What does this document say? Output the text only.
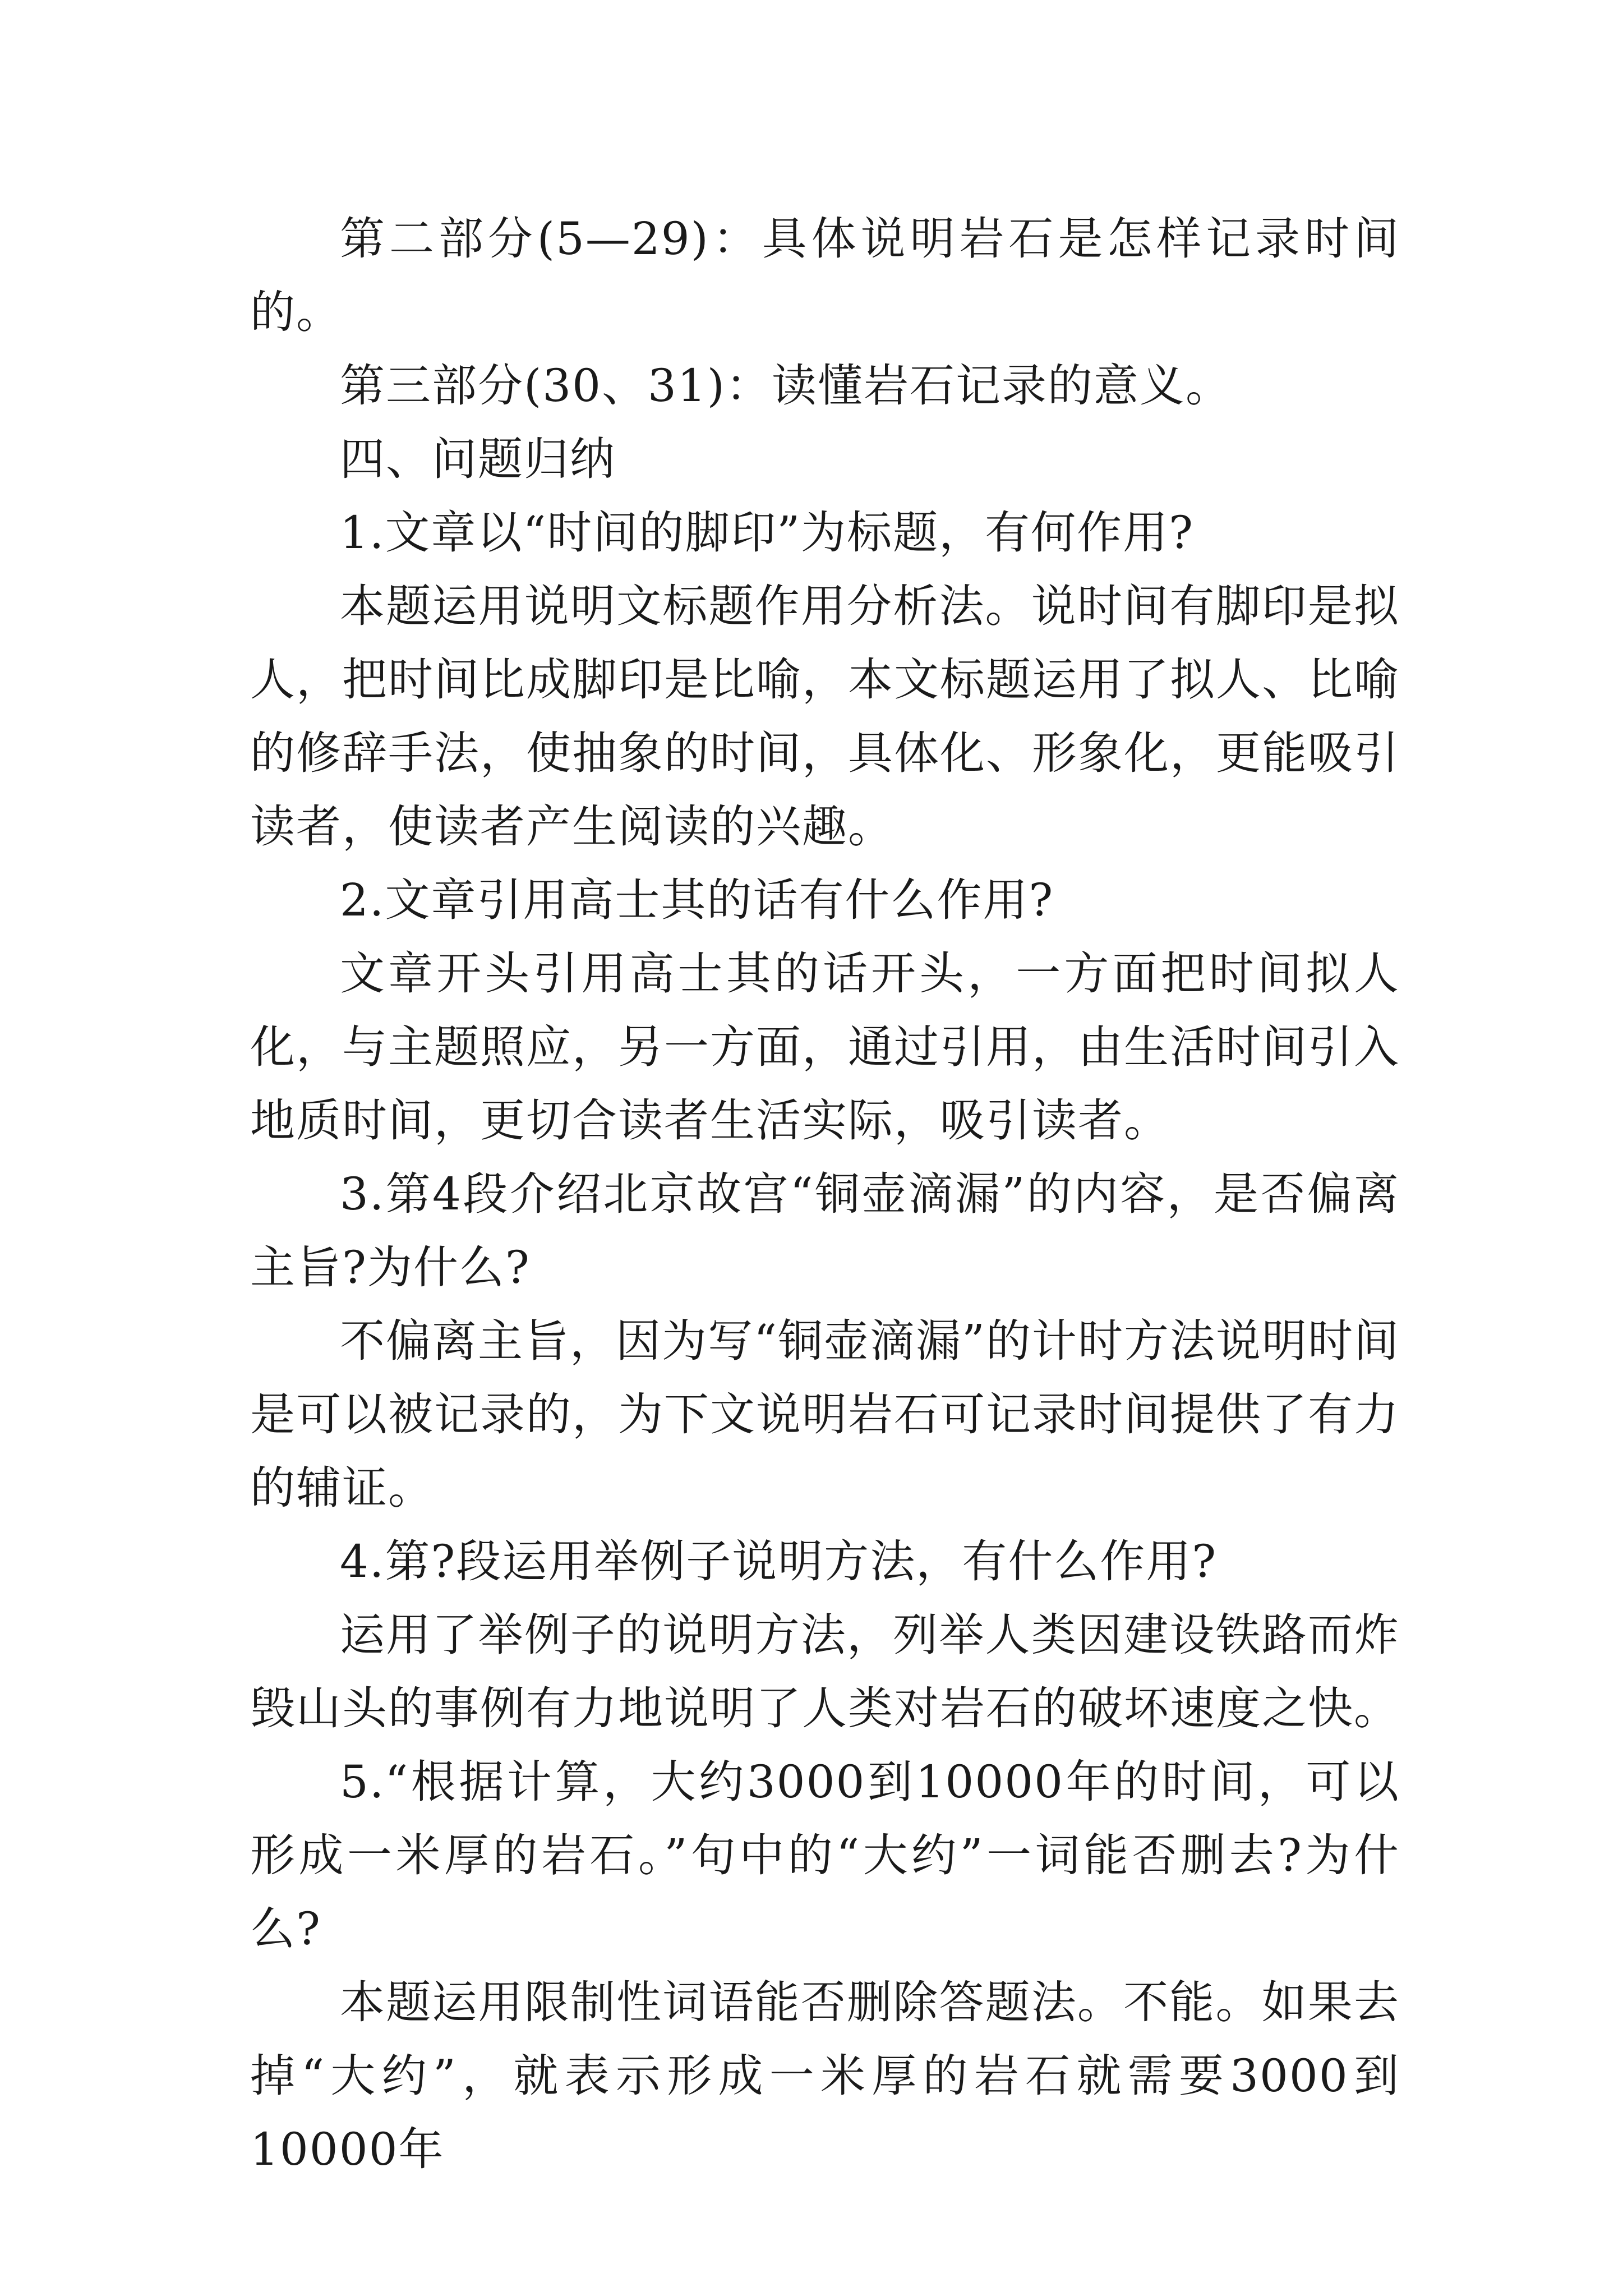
第二部分(5—29)：具体说明岩石是怎样记录时间的。

第三部分(30、31)：读懂岩石记录的意义。

四、问题归纳

1.文章以“时间的脚印”为标题，有何作用?

本题运用说明文标题作用分析法。说时间有脚印是拟人，把时间比成脚印是比喻，本文标题运用了拟人、比喻的修辞手法，使抽象的时间，具体化、形象化，更能吸引读者，使读者产生阅读的兴趣。

2.文章引用高士其的话有什么作用?

文章开头引用高士其的话开头，一方面把时间拟人化，与主题照应，另一方面，通过引用，由生活时间引入地质时间，更切合读者生活实际，吸引读者。

3.第4段介绍北京故宫“铜壶滴漏”的内容，是否偏离主旨?为什么?

不偏离主旨，因为写“铜壶滴漏”的计时方法说明时间是可以被记录的，为下文说明岩石可记录时间提供了有力的辅证。

4.第?段运用举例子说明方法，有什么作用?

运用了举例子的说明方法，列举人类因建设铁路而炸毁山头的事例有力地说明了人类对岩石的破坏速度之快。

5.“根据计算，大约3000到10000年的时间，可以形成一米厚的岩石。”句中的“大约”一词能否删去?为什么?

本题运用限制性词语能否删除答题法。不能。如果去掉“大约”，就表示形成一米厚的岩石就需要3000到10000年
